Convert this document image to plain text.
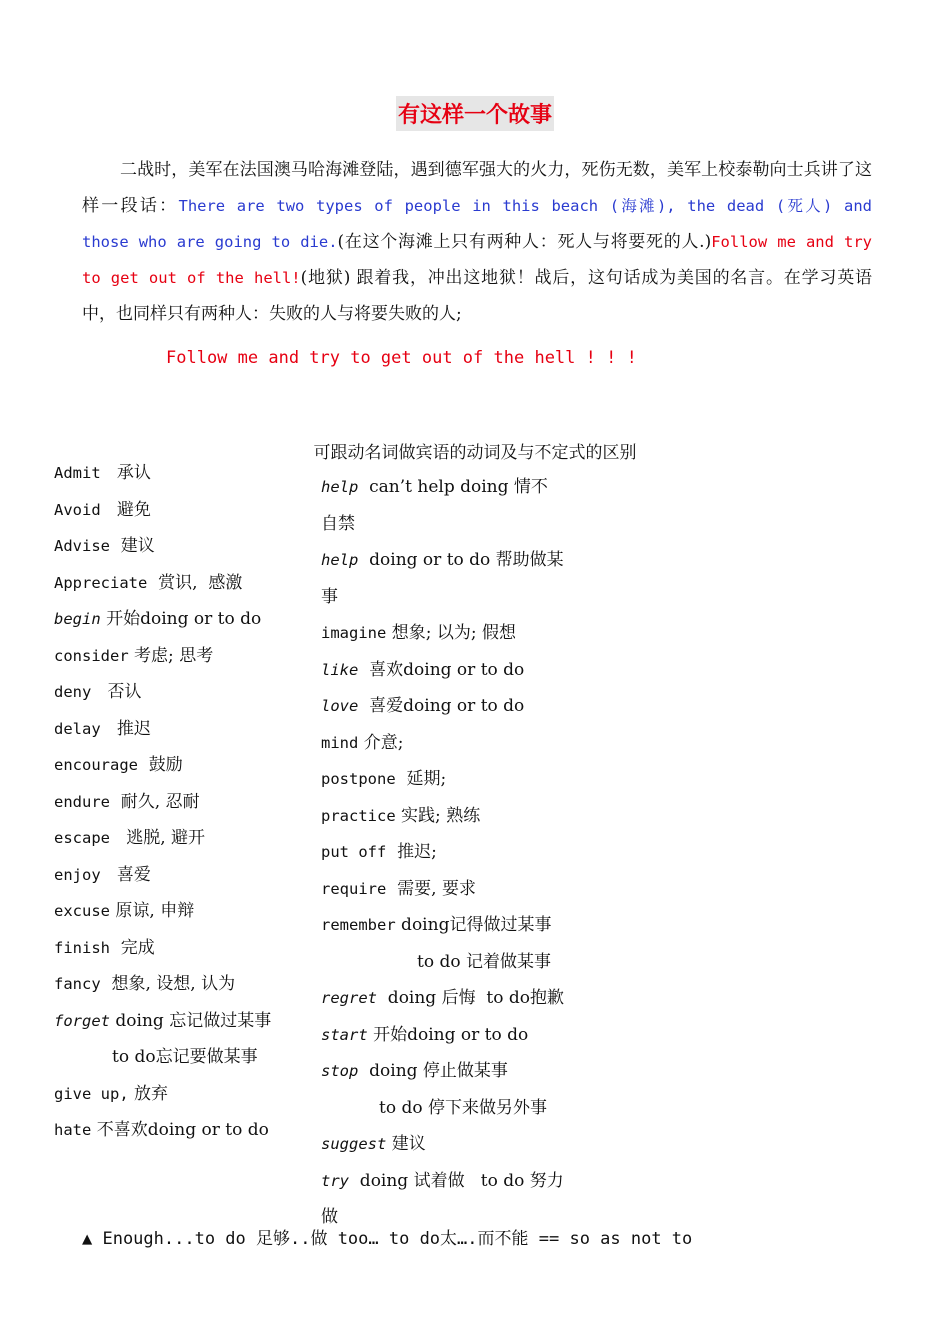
有这样一个故事

二战时，美军在法国澳马哈海滩登陆，遇到德军强大的火力，死伤无数，美军上校泰勒向士兵讲了这样一段话：There are two types of people in this beach (海滩), the dead (死人) and those who are going to die.(在这个海滩上只有两种人：死人与将要死的人.)Follow me and try to get out of the hell!(地狱) 跟着我，冲出这地狱！战后，这句话成为美国的名言。在学习英语中，也同样只有两种人：失败的人与将要失败的人;

Follow me and try to get out of the hell ! ! !
可跟动名词做宾语的动词及与不定式的区别
Admit   承认
Avoid   避免
Advise  建议
Appreciate  赏识,  感激
begin 开始doing or to do
consider 考虑; 思考
deny   否认
delay   推迟
encourage  鼓励
endure  耐久, 忍耐
escape   逃脱, 避开
enjoy   喜爱
excuse 原谅, 申辩
finish  完成
fancy  想象, 设想, 认为
forget doing 忘记做过某事
to do忘记要做某事
give up, 放弃
hate 不喜欢doing or to do
help  can’t help doing 情不
自禁
help  doing or to do 帮助做某
事
imagine 想象; 以为; 假想
like  喜欢doing or to do
love  喜爱doing or to do
mind 介意;
postpone  延期;
practice 实践; 熟练
put off  推迟;
require  需要, 要求
remember doing记得做过某事
to do 记着做某事
regret  doing 后悔  to do抱歉
start 开始doing or to do
stop  doing 停止做某事
to do 停下来做另外事
suggest 建议
try  doing 试着做   to do 努力
做
▲ Enough...to do 足够..做 too… to do太….而不能 == so as not to
